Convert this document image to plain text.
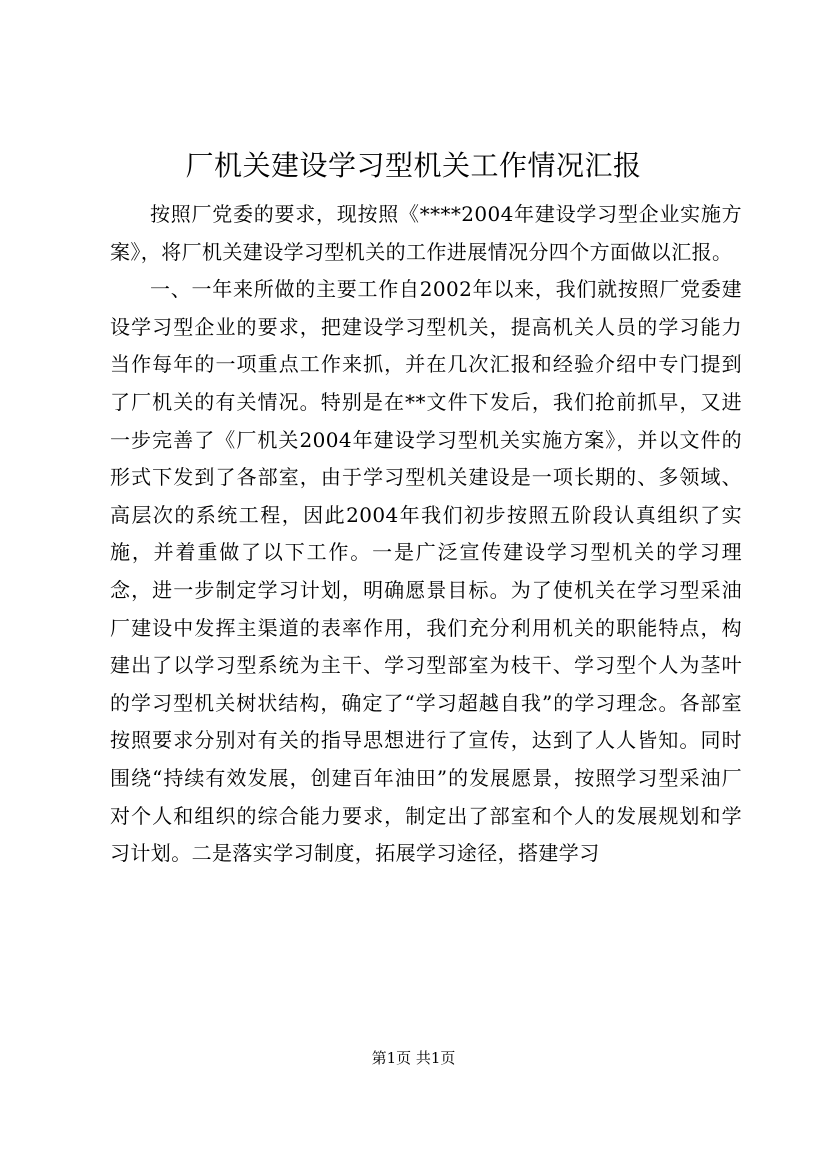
厂机关建设学习型机关工作情况汇报

按照厂党委的要求，现按照《****2004年建设学习型企业实施方案》，将厂机关建设学习型机关的工作进展情况分四个方面做以汇报。

一、一年来所做的主要工作自2002年以来，我们就按照厂党委建设学习型企业的要求，把建设学习型机关，提高机关人员的学习能力当作每年的一项重点工作来抓，并在几次汇报和经验介绍中专门提到了厂机关的有关情况。特别是在**文件下发后，我们抢前抓早，又进一步完善了《厂机关2004年建设学习型机关实施方案》，并以文件的形式下发到了各部室，由于学习型机关建设是一项长期的、多领域、高层次的系统工程，因此2004年我们初步按照五阶段认真组织了实施，并着重做了以下工作。一是广泛宣传建设学习型机关的学习理念，进一步制定学习计划，明确愿景目标。为了使机关在学习型采油厂建设中发挥主渠道的表率作用，我们充分利用机关的职能特点，构建出了以学习型系统为主干、学习型部室为枝干、学习型个人为茎叶的学习型机关树状结构，确定了“学习超越自我”的学习理念。各部室按照要求分别对有关的指导思想进行了宣传，达到了人人皆知。同时围绕“持续有效发展，创建百年油田”的发展愿景，按照学习型采油厂对个人和组织的综合能力要求，制定出了部室和个人的发展规划和学习计划。二是落实学习制度，拓展学习途径，搭建学习

第1页 共1页
